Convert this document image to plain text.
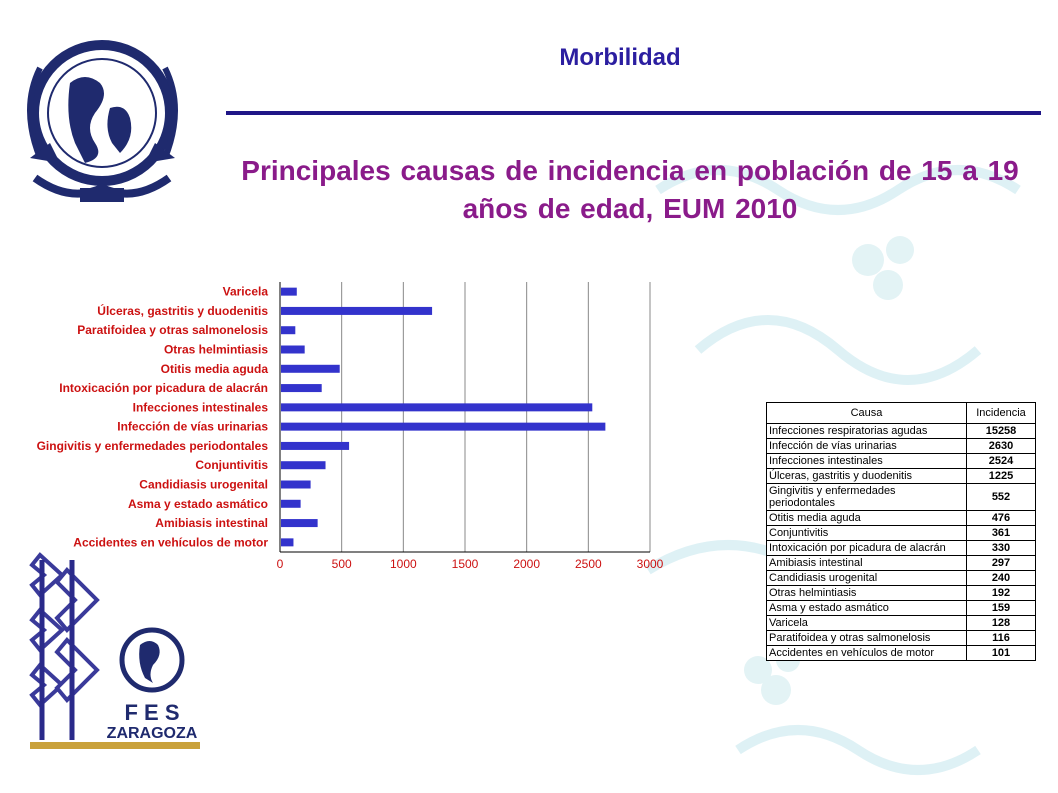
F E S
ZARAGOZA
Morbilidad
Principales causas de incidencia en población de 15 a 19 años de edad, EUM 2010
Varicela
Úlceras, gastritis y duodenitis
Paratifoidea y otras salmonelosis
Otras helmintiasis
Otitis media aguda
Intoxicación por picadura de alacrán
Infecciones intestinales
Infección de vías urinarias
Gingivitis y enfermedades periodontales
Conjuntivitis
Candidiasis urogenital
Asma y estado asmático
Amibiasis intestinal
Accidentes en vehículos de motor
0	500	1000	1500	2000	2500	3000
Causa	Incidencia
Infecciones respiratorias agudas	15258
Infección de vías urinarias	2630
Infecciones intestinales	2524
Úlceras, gastritis y duodenitis	1225
Gingivitis y enfermedades periodontales	552
Otitis media aguda	476
Conjuntivitis	361
Intoxicación por picadura de alacrán	330
Amibiasis intestinal	297
Candidiasis urogenital	240
Otras helmintiasis	192
Asma y estado asmático	159
Varicela	128
Paratifoidea y otras salmonelosis	116
Accidentes en vehículos de motor	101
